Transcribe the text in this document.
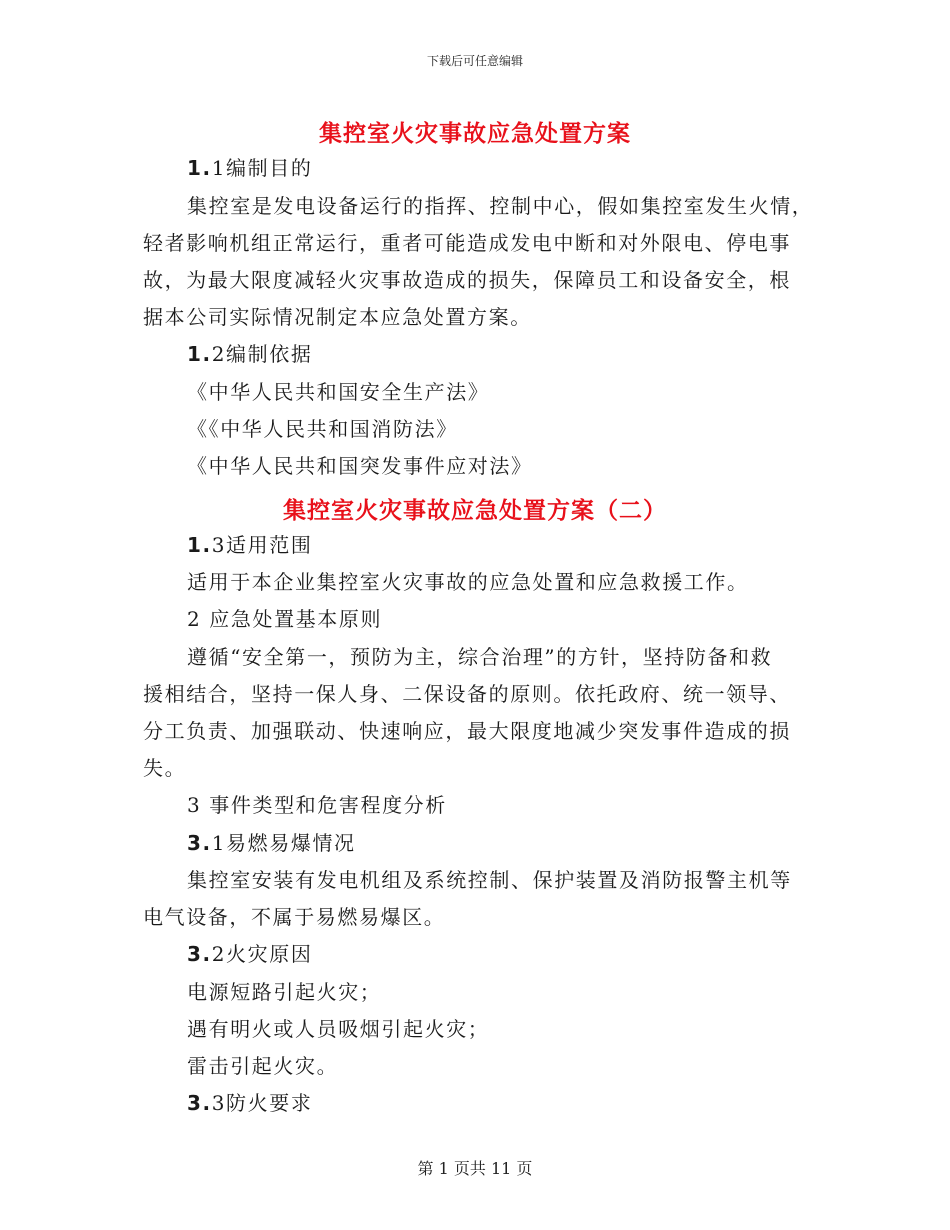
下载后可任意编辑
集控室火灾事故应急处置方案
1.1编制目的
集控室是发电设备运行的指挥、控制中心，假如集控室发生火情，
轻者影响机组正常运行，重者可能造成发电中断和对外限电、停电事
故，为最大限度减轻火灾事故造成的损失，保障员工和设备安全，根
据本公司实际情况制定本应急处置方案。
1.2编制依据
《中华人民共和国安全生产法》
《《中华人民共和国消防法》
《中华人民共和国突发事件应对法》
集控室火灾事故应急处置方案（二）
1.3适用范围
适用于本企业集控室火灾事故的应急处置和应急救援工作。
2 应急处置基本原则
遵循“安全第一，预防为主，综合治理”的方针，坚持防备和救
援相结合，坚持一保人身、二保设备的原则。依托政府、统一领导、
分工负责、加强联动、快速响应，最大限度地减少突发事件造成的损
失。
3 事件类型和危害程度分析
3.1易燃易爆情况
集控室安装有发电机组及系统控制、保护装置及消防报警主机等
电气设备，不属于易燃易爆区。
3.2火灾原因
电源短路引起火灾；
遇有明火或人员吸烟引起火灾；
雷击引起火灾。
3.3防火要求
第 1 页共 11 页
